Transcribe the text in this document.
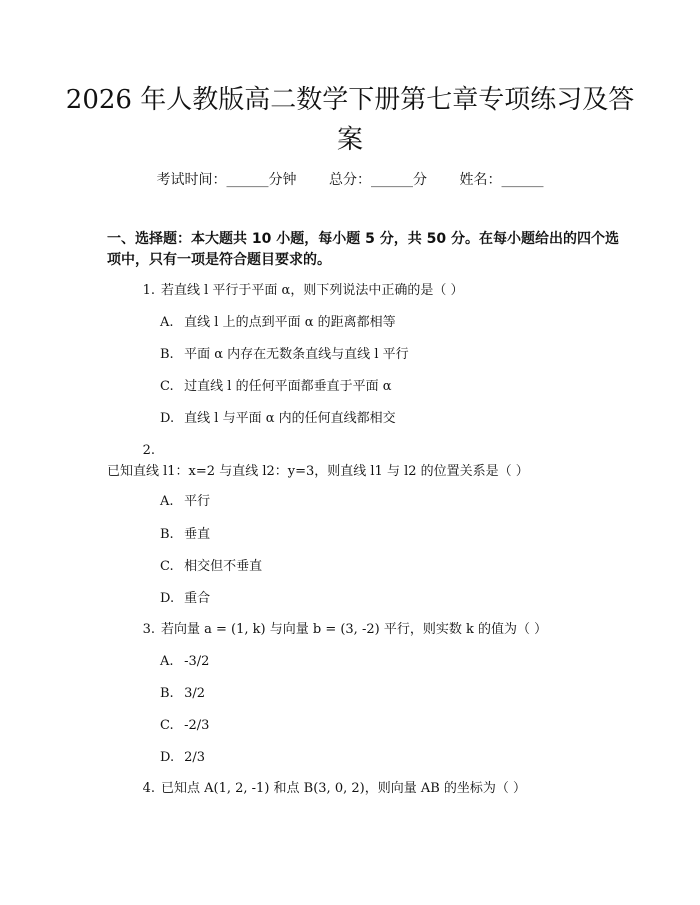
2026 年人教版高二数学下册第七章专项练习及答案
考试时间：______分钟 总分：______分 姓名：______
一、选择题：本大题共 10 小题，每小题 5 分，共 50 分。在每小题给出的四个选项中，只有一项是符合题目要求的。
1. 若直线 l 平行于平面 α，则下列说法中正确的是（ ）
A. 直线 l 上的点到平面 α 的距离都相等
B. 平面 α 内存在无数条直线与直线 l 平行
C. 过直线 l 的任何平面都垂直于平面 α
D. 直线 l 与平面 α 内的任何直线都相交
2.已知直线 l1：x=2 与直线 l2：y=3，则直线 l1 与 l2 的位置关系是（ ）
A. 平行
B. 垂直
C. 相交但不垂直
D. 重合
3. 若向量 a = (1, k) 与向量 b = (3, -2) 平行，则实数 k 的值为（ ）
A. -3/2
B. 3/2
C. -2/3
D. 2/3
4. 已知点 A(1, 2, -1) 和点 B(3, 0, 2)，则向量 AB 的坐标为（ ）
